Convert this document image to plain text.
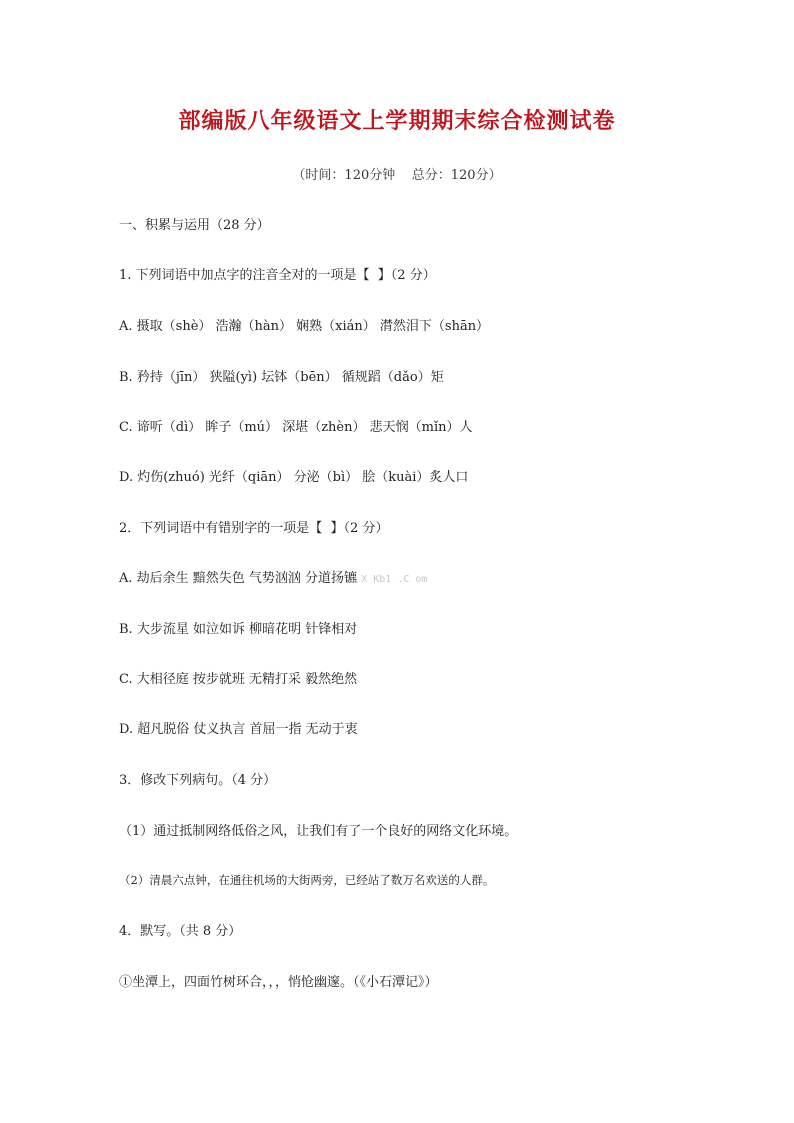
部编版八年级语文上学期期末综合检测试卷
（时间：120分钟    总分：120分）
一、积累与运用（28 分）
1. 下列词语中加点字的注音全对的一项是【  】（2 分）
A. 摄取（shè） 浩瀚（hàn） 娴熟（xián） 潸然泪下（shān）
B. 矜持（jīn） 狭隘(yì) 坛钵（bēn） 循规蹈（dǎo）矩
C. 谛听（dì） 眸子（mú） 深堪（zhèn） 悲天悯（mǐn）人
D. 灼伤(zhuó) 光纤（qiān） 分泌（bì） 脍（kuài）炙人口
2．下列词语中有错别字的一项是【  】（2 分）
A. 劫后余生 黯然失色 气势汹汹 分道扬镳 X Kb1 .C om
B. 大步流星 如泣如诉 柳暗花明 针锋相对
C. 大相径庭 按步就班 无精打采 毅然绝然
D. 超凡脱俗 仗义执言 首屈一指 无动于衷
3．修改下列病句。（4 分）
（1）通过抵制网络低俗之风，让我们有了一个良好的网络文化环境。
（2）清晨六点钟，在通往机场的大街两旁，已经站了数万名欢送的人群。
4．默写。（共 8 分）
①坐潭上，四面竹树环合，，，悄怆幽邃。（《小石潭记》）
